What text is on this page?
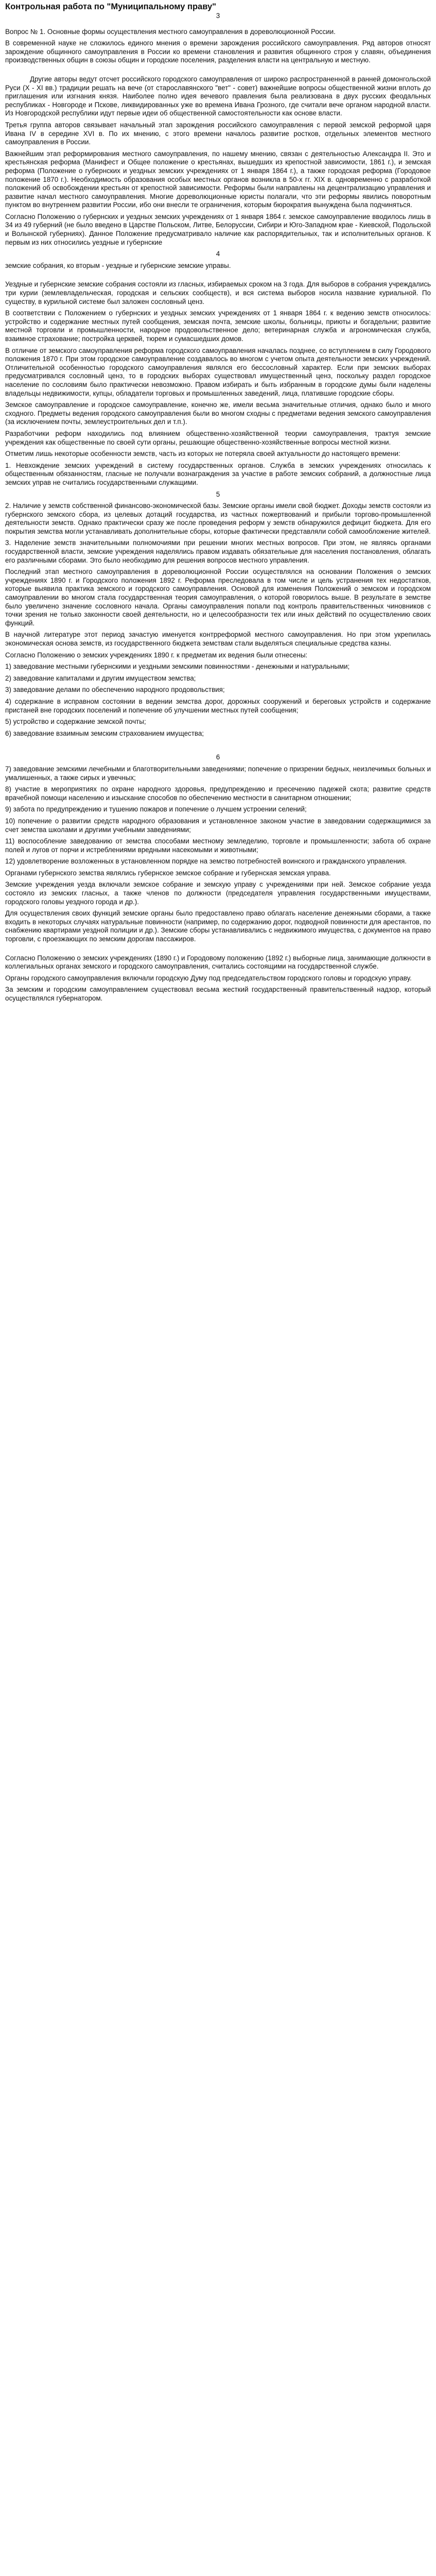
Контрольная работа по "Муниципальному праву"
3

Вопрос № 1. Основные формы осуществления местного самоуправления в дореволюционной России.

В современной науке не сложилось единого мнения о времени зарождения российского самоуправления. Ряд авторов относят зарождение общинного самоуправления в России ко времени становления и развития общинного строя у славян, объединения производственных общин в союзы общин и городские поселения, разделения власти на центральную и местную.

Другие авторы ведут отсчет российского городского самоуправления от широко распространенной в ранней домонгольской Руси (X - XI вв.) традиции решать на вече (от старославянского "вет" - совет) важнейшие вопросы общественной жизни вплоть до приглашения или изгнания князя. Наиболее полно идея вечевого правления была реализована в двух русских феодальных республиках - Новгороде и Пскове, ликвидированных уже во времена Ивана Грозного, где считали вече органом народной власти. Из Новгородской республики идут первые идеи об общественной самостоятельности как основе власти.

Третья группа авторов связывает начальный этап зарождения российского самоуправления с первой земской реформой царя Ивана IV в середине XVI в. По их мнению, с этого времени началось развитие ростков, отдельных элементов местного самоуправления в России.

Важнейшим этап реформирования местного самоуправления, по нашему мнению, связан с деятельностью Александра II. Это и крестьянская реформа (Манифест и Общее положение о крестьянах, вышедших из крепостной зависимости, 1861 г.), и земская реформа (Положение о губернских и уездных земских учреждениях от 1 января 1864 г.), а также городская реформа (Городовое положение 1870 г.). Необходимость образования особых местных органов возникла в 50-х гг. XIX в. одновременно с разработкой положений об освобождении крестьян от крепостной зависимости. Реформы были направлены на децентрализацию управления и развитие начал местного самоуправления. Многие дореволюционные юристы полагали, что эти реформы явились поворотным пунктом во внутреннем развитии России, ибо они внесли те ограничения, которым бюрократия вынуждена была подчиняться.

Согласно Положению о губернских и уездных земских учреждениях от 1 января 1864 г. земское самоуправление вводилось лишь в 34 из 49 губерний (не было введено в Царстве Польском, Литве, Белоруссии, Сибири и Юго-Западном крае - Киевской, Подольской и Волынской губерниях). Данное Положение предусматривало наличие как распорядительных, так и исполнительных органов. К первым из них относились уездные и губернские

4

земские собрания, ко вторым - уездные и губернские земские управы.

Уездные и губернские земские собрания состояли из гласных, избираемых сроком на 3 года. Для выборов в собрания учреждались три курии (землевладельческая, городская и сельских сообществ), и вся система выборов носила название куриальной. По существу, в курильной системе был заложен сословный ценз.

В соответствии с Положением о губернских и уездных земских учреждениях от 1 января 1864 г. к ведению земств относилось: устройство и содержание местных путей сообщения, земская почта, земские школы, больницы, приюты и богадельни; развитие местной торговли и промышленности, народное продовольственное дело; ветеринарная служба и агрономическая служба, взаимное страхование; постройка церквей, тюрем и сумасшедших домов.

В отличие от земского самоуправления реформа городского самоуправления началась позднее, со вступлением в силу Городового положения 1870 г. При этом городское самоуправление создавалось во многом с учетом опыта деятельности земских учреждений. Отличительной особенностью городского самоуправления являлся его бессословный характер. Если при земских выборах предусматривался сословный ценз, то в городских выборах существовал имущественный ценз, поскольку раздел городское население по сословиям было практически невозможно. Правом избирать и быть избранным в городские думы были наделены владельцы недвижимости, купцы, обладатели торговых и промышленных заведений, лица, платившие городские сборы.

Земское самоуправление и городское самоуправление, конечно же, имели весьма значительные отличия, однако было и много сходного. Предметы ведения городского самоуправления были во многом сходны с предметами ведения земского самоуправления (за исключением почты, землеустроительных дел и т.п.).

Разработчики реформ находились под влиянием общественно-хозяйственной теории самоуправления, трактуя земские учреждения как общественные по своей сути органы, решающие общественно-хозяйственные вопросы местной жизни.

Отметим лишь некоторые особенности земств, часть из которых не потеряла своей актуальности до настоящего времени:

1. Невхождение земских учреждений в систему государственных органов. Служба в земских учреждениях относилась к общественным обязанностям, гласные не получали вознаграждения за участие в работе земских собраний, а должностные лица земских управ не считались государственными служащими.

5

2. Наличие у земств собственной финансово-экономической базы. Земские органы имели свой бюджет. Доходы земств состояли из губернского земского сбора, из целевых дотаций государства, из частных пожертвований и прибыли торгово-промышленной деятельности земств. Однако практически сразу же после проведения реформ у земств обнаружился дефицит бюджета. Для его покрытия земства могли устанавливать дополнительные сборы, которые фактически представляли собой самообложение жителей.

3. Наделение земств значительными полномочиями при решении многих местных вопросов. При этом, не являясь органами государственной власти, земские учреждения наделялись правом издавать обязательные для населения постановления, облагать его различными сборами. Это было необходимо для решения вопросов местного управления.

Последний этап местного самоуправления в дореволюционной России осуществлялся на основании Положения о земских учреждениях 1890 г. и Городского положения 1892 г. Реформа преследовала в том числе и цель устранения тех недостатков, которые выявила практика земского и городского самоуправления. Основой для изменения Положений о земском и городском самоуправлении во многом стала государственная теория самоуправления, о которой говорилось выше. В результате в земстве было увеличено значение сословного начала. Органы самоуправления попали под контроль правительственных чиновников с точки зрения не только законности своей деятельности, но и целесообразности тех или иных действий по осуществлению своих функций.

В научной литературе этот период зачастую именуется контрреформой местного самоуправления. Но при этом укрепилась экономическая основа земств, из государственного бюджета земствам стали выделяться специальные средства казны.

Согласно Положению о земских учреждениях 1890 г. к предметам их ведения были отнесены:

1) заведование местными губернскими и уездными земскими повинностями - денежными и натуральными;

2) заведование капиталами и другим имуществом земства;

3) заведование делами по обеспечению народного продовольствия;

4) содержание в исправном состоянии в ведении земства дорог, дорожных сооружений и береговых устройств и содержание пристаней вне городских поселений и попечение об улучшении местных путей сообщения;

5) устройство и содержание земской почты;

6) заведование взаимным земским страхованием имущества;

6

7) заведование земскими лечебными и благотворительными заведениями; попечение о призрении бедных, неизлечимых больных и умалишенных, а также сирых и увечных;

8) участие в мероприятиях по охране народного здоровья, предупреждению и пресечению падежей скота; развитие средств врачебной помощи населению и изыскание способов по обеспечению местности в санитарном отношении;

9) забота по предупреждению и тушению пожаров и попечение о лучшем устроении селений;

10) попечение о развитии средств народного образования и установленное законом участие в заведовании содержащимися за счет земства школами и другими учебными заведениями;

11) воспособление заведованию от земства способами местному земледелию, торговле и промышленности; забота об охране полей и лугов от порчи и истреблениями вредными насекомыми и животными;

12) удовлетворение возложенных в установленном порядке на земство потребностей воинского и гражданского управления.

Органами губернского земства являлись губернское земское собрание и губернская земская управа.

Земские учреждения уезда включали земское собрание и земскую управу с учреждениями при ней. Земское собрание уезда состояло из земских гласных, а также членов по должности (председателя управления государственными имуществами, городского головы уездного города и др.).

Для осуществления своих функций земские органы было предоставлено право облагать население денежными сборами, а также входить в некоторых случаях натуральные повинности (например, по содержанию дорог, подводной повинности для арестантов, по снабжению квартирами уездной полиции и др.). Земские сборы устанавливались с недвижимого имущества, с документов на право торговли, с проезжающих по земским дорогам пассажиров.

Согласно Положению о земских учреждениях (1890 г.) и Городовому положению (1892 г.) выборные лица, занимающие должности в коллегиальных органах земского и городского самоуправления, считались состоящими на государственной службе.

Органы городского самоуправления включали городскую Думу под председательством городского головы и городскую управу.

За земским и городским самоуправлением существовал весьма жесткий государственный правительственный надзор, который осуществлялся губернатором.
